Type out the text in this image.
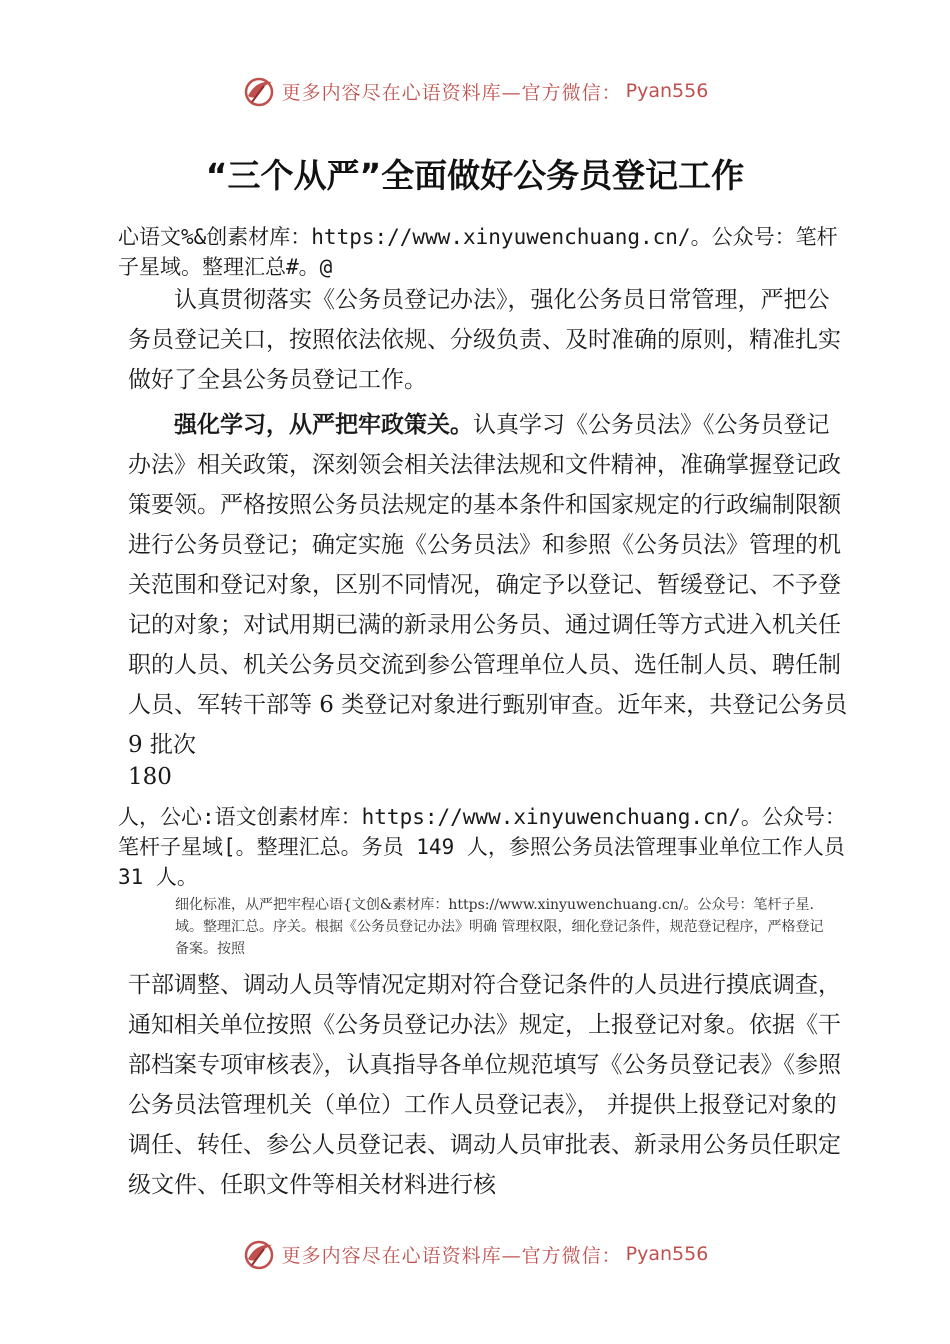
更多内容尽在心语资料库—官方微信： Pyan556
“三个从严”全面做好公务员登记工作

心语文%&创素材库：https://www.xinyuwenchuang.cn/。公众号：笔杆子星域。整理汇总#。@

认真贯彻落实《公务员登记办法》，强化公务员日常管理，严把公务员登记关口，按照依法依规、分级负责、及时准确的原则，精准扎实做好了全县公务员登记工作。

强化学习，从严把牢政策关。认真学习《公务员法》《公务员登记办法》相关政策，深刻领会相关法律法规和文件精神，准确掌握登记政策要领。严格按照公务员法规定的基本条件和国家规定的行政编制限额进行公务员登记；确定实施《公务员法》和参照《公务员法》管理的机关范围和登记对象，区别不同情况，确定予以登记、暂缓登记、不予登记的对象；对试用期已满的新录用公务员、通过调任等方式进入机关任职的人员、机关公务员交流到参公管理单位人员、选任制人员、聘任制人员、军转干部等 6 类登记对象进行甄别审查。近年来，共登记公务员 9 批次

180

人，公心:语文创素材库：https://www.xinyuwenchuang.cn/。公众号：笔杆子星域[。整理汇总。务员 149 人，参照公务员法管理事业单位工作人员 31 人。

细化标准，从严把牢程心语{文创&素材库：https://www.xinyuwenchuang.cn/。公众号：笔杆子星.域。整理汇总。序关。根据《公务员登记办法》明确 管理权限，细化登记条件，规范登记程序，严格登记备案。按照

干部调整、调动人员等情况定期对符合登记条件的人员进行摸底调查，通知相关单位按照《公务员登记办法》规定，上报登记对象。依据《干部档案专项审核表》，认真指导各单位规范填写《公务员登记表》《参照公务员法管理机关（单位）工作人员登记表》， 并提供上报登记对象的调任、转任、参公人员登记表、调动人员审批表、新录用公务员任职定级文件、任职文件等相关材料进行核

更多内容尽在心语资料库—官方微信： Pyan556
